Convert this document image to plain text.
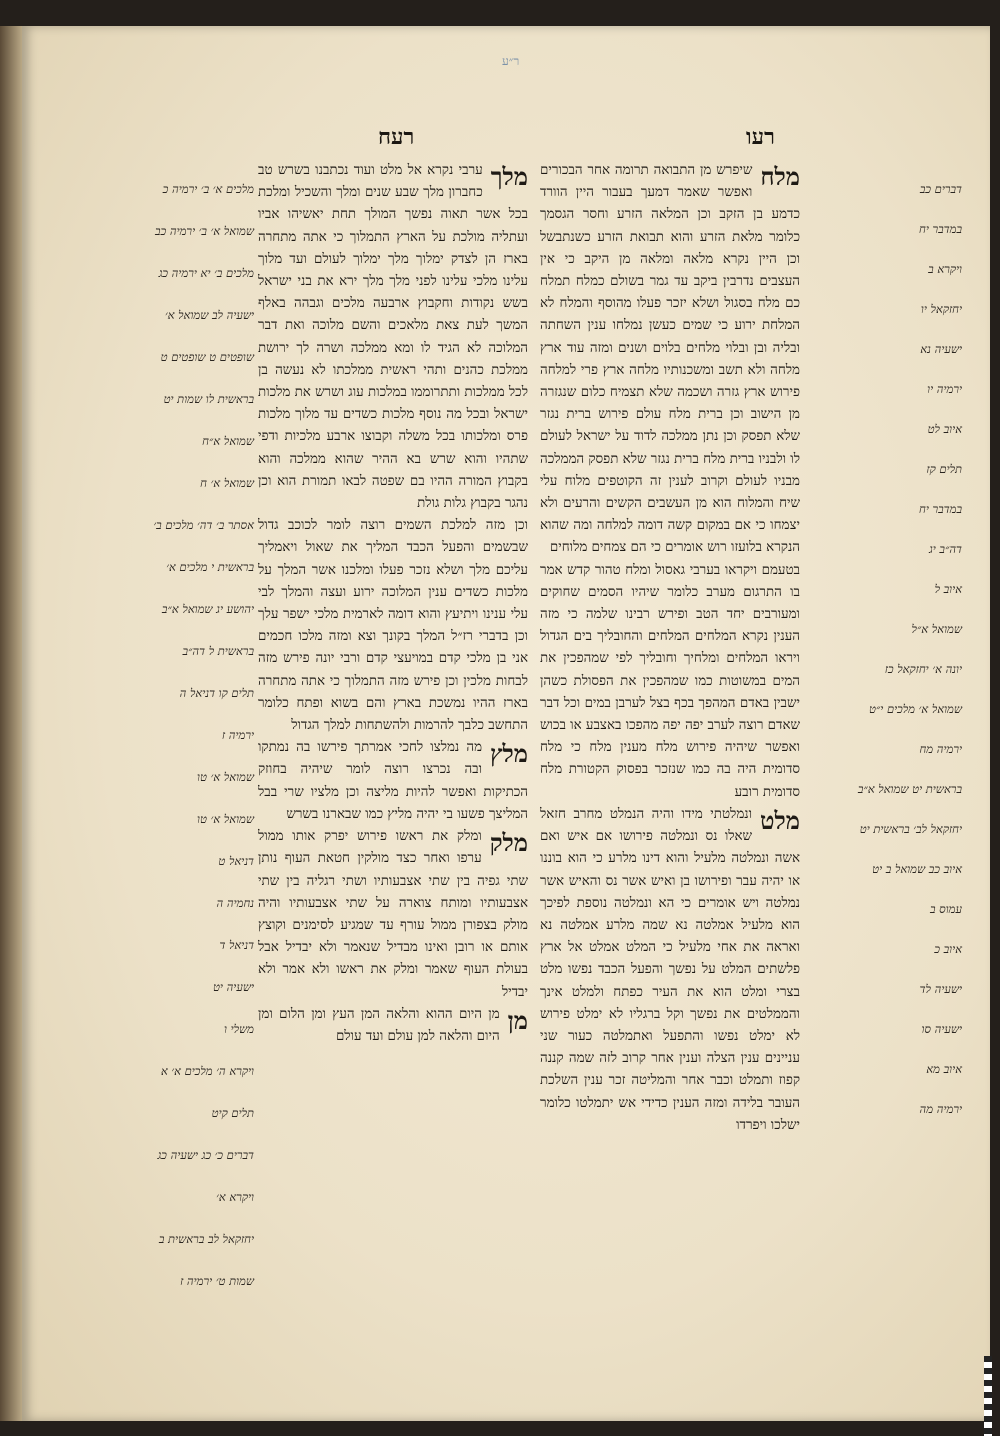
ר״ע
רעו
רעח

מלח
שיפרש מן התבואה תרומה אחר הבכורים ואפשר שאמר דמעך בעבור היין הוורד כדמע בן הזקב וכן המלאה הזרע וחסר הגסמך כלומר מלאת הזרע והוא תבואת הזרע כשנתבשל וכן היין נקרא מלאה ומלאה מן היקב כי אין העצבים נדרבין ביקב עד גמר בשולם כמלח תמלח כם מלח בסגול ושלא יזכר פעלו מהוסף והמלח לא המלחת ירוע כי שמים כעשן נמלחו ענין השחתה ובליה ובן ובלוי מלחים בלוים ושנים ומזה עוד ארץ מלחה ולא תשב ומשכנותיו מלחה ארץ פרי למלחה פירוש ארץ גזרה ושכמה שלא תצמיח כלום שנגזרה מן הישוב וכן ברית מלח עולם פירוש ברית נגזר שלא תפסק וכן נתן ממלכה לדוד על ישראל לעולם לו ולבניו ברית מלח ברית נגזר שלא תפסק הממלכה מבניו לעולם וקרוב לענין זה הקוטפים מלוח עלי שיח והמלוח הוא מן העשבים הקשים והרעים ולא יצמחו כי אם במקום קשה דומה למלחה ומה שהוא הנקרא בלועזו רוש אומרים כי הם צמחים מלוחים

בטעמם ויקראו בערבי גאסול ומלח טהור קדש אמר בו התרגום מערב כלומר שיהיו הסמים שחוקים ומעורבים יחד הטב ופירש רבינו שלמה כי מזה הענין נקרא המלחים המלחים והחובליך בים הגדול ויראו המלחים ומלחיך וחובליך לפי שמהפכין את המים במשוטות כמו שמהפכין את הפסולת כשהן ישבין באדם המהפך בכף בצל לערבן במים וכל דבר שאדם רוצה לערב יפה יפה מהפכו באצבע או בכוש ואפשר שיהיה פירוש מלח מענין מלח כי מלח סדומית היה בה כמו שנזכר בפסוק הקטורת מלח סדומית רובע

מלט
ונמלטתי מידו והיה הנמלט מחרב חזאל שאלו נס ונמלטה פירושו אם איש ואם אשה ונמלטה מלעיל והוא דינו מלרע כי הוא בוננו או יהיה עבר ופירושו בן ואיש אשר נס והאיש אשר נמלטה ויש אומרים כי הא ונמלטה נוספת לפיכך הוא מלעיל אמלטה נא שמה מלרע אמלטה נא ואראה את אחי מלעיל כי המלט אמלט אל ארץ פלשתים המלט על נפשך והפעל הכבד נפשו מלט בצרי ומלט הוא את העיר כפתח ולמלט אינך והממלטים את נפשך וקל ברגליו לא ימלט פירוש לא ימלט נפשו והתפעל ואתמלטה כעור שני עניינים ענין הצלה וענין אחר קרוב לזה שמה קננה קפוז ותמלט וכבר אחר והמליטה זכר ענין השלכת העובר בלידה ומזה הענין כדידי אש יתמלטו כלומר ישלכו ויפרדו

מלך
ערבי נקרא אל מלט ועוד נכתבנו בשרש טב כחברון מלך שבע שנים ומלך והשכיל ומלכת בכל אשר תאוה נפשך המולך תחת יאשיהו אביו ועתליה מולכת על הארץ התמלוך כי אתה מתחרה בארז הן לצדק ימלוך מלך ימלוך לעולם ועד מלוך עלינו מלכי עלינו לפני מלך מלך ירא את בני ישראל בשש נקודות וחקבוץ ארבעה מלכים וגבהה באלף המשך לעת צאת מלאכים והשם מלוכה ואת דבר המלוכה לא הגיד לו ומא ממלכה ושרה לך ירושת ממלכת כהנים ותהי ראשית ממלכתו לא נעשה בן לכל ממלכות ותתרוממו במלכות עוג ושרש את מלכות ישראל ובכל מה נוסף מלכות כשדים עד מלוך מלכות פרס ומלכותו בכל משלה וקבוצו ארבע מלכיות ודפי שתהיו והוא שרש בא ההיר שהוא ממלכה והוא בקבוץ המורה ההיו בם שפטה לבאו תמורת הוא וכן נהגר בקבוץ גלות גולת

וכן מזה למלכת השמים רוצה לומר לכוכב גדול שבשמים והפעל הכבד המליך את שאול ויאמליך עליכם מלך ושלא נזכר פעלו ומלכנו אשר המלך על מלכות כשדים ענין המלוכה ירוע ועצה והמלך לבי עלי ענינו ויתיעץ והוא דומה לארמית מלכי ישפר עלך וכן בדברי רז״ל המלך בקונך וצא ומזה מלכו חכמים אני בן מלכי קדם במויעצי קדם ורבי יונה פירש מזה לבחות מלכין וכן פירש מזה התמלוך כי אתה מתחרה בארז ההיו נמשכת בארץ והם בשוא ופתח כלומר התחשב כלבך להרמות ולהשתחות למלך הגדול

מלץ
מה נמלצו לחכי אמרתך פירשו בה נמתקו ובה נכרצו רוצה לומר שיהיה בחוזק הכתיקות ואפשר להיות מליצה וכן מלציו שרי בבל המליצך פשעו בי יהיה מליץ כמו שבארנו בשרש

מלק
ומלק את ראשו פירוש יפרק אותו ממול ערפו ואחר כצד מולקין חטאת העוף נותן שתי גפיה בין שתי אצבעותיו ושתי רגליה בין שתי אצבעותיו ומותח צוארה על שתי אצבעותיו והיה מולק בצפורן ממול עורף עד שמגיע לסימנים וקוצץ אותם או רובן ואינו מבדיל שנאמר ולא יבדיל אבל בעולת העוף שאמר ומלק את ראשו ולא אמר ולא יבדיל

מן
מן היום ההוא והלאה המן העץ ומן הלום ומן היום והלאה למן עולם ועד עולם

דברים כב
במדבר יח
ויקרא ב
יחזקאל יו
ישעיה נא
ירמיה יו
איוב לט
תלים קז
במדבר יח
דה״ב יג
איוב ל
שמואל א״ל
יונה א׳ יחזקאל כז
שמואל א׳ מלכים י״ט
ירמיה מח
בראשית יט שמואל א״ב
יחזקאל לב׳ בראשית יט
איוב כב שמואל ב יט
עמוס ב
איוב כ
ישעיה לד
ישעיה סו
איוב מא
ירמיה מה
מלכים א׳ ב׳ ירמיה כ
שמואל א׳ ב׳ ירמיה כב
מלכים ב׳ יא ירמיה כג
ישעיה לב שמואל א׳
שופטים ט שופטים ט
בראשית לו שמות יט
שמואל א״ח
שמואל א׳ ח
אסתר ב׳ דה׳ מלכים ב׳
בראשית י מלכים א׳
יהושע יג שמואל א״ב
בראשית ל דה״ב
תלים קו דניאל ה
ירמיה ז
שמואל א׳ טו
שמואל א׳ טו
דניאל ט
נחמיה ה
דניאל ד
ישעיה יט
משלי ו
ויקרא ה׳ מלכים א׳ א
תלים קיט
דברים כ׳ כג ישעיה כג
ויקרא א׳
יחזקאל לב בראשית ב
שמות ט׳ ירמיה ז
